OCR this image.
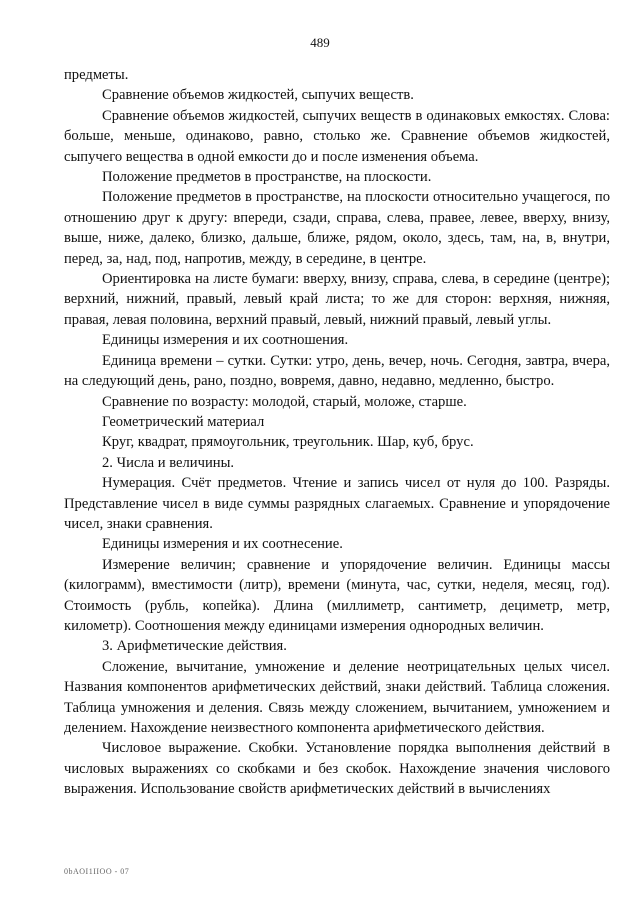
489

предметы.

Сравнение объемов жидкостей, сыпучих веществ.

Сравнение объемов жидкостей, сыпучих веществ в одинаковых емкостях. Слова: больше, меньше, одинаково, равно, столько же. Сравнение объемов жидкостей, сыпучего вещества в одной емкости до и после изменения объема.

Положение предметов в пространстве, на плоскости.

Положение предметов в пространстве, на плоскости относительно учащегося, по отношению друг к другу: впереди, сзади, справа, слева, правее, левее, вверху, внизу, выше, ниже, далеко, близко, дальше, ближе, рядом, около, здесь, там, на, в, внутри, перед, за, над, под, напротив, между, в середине, в центре.

Ориентировка на листе бумаги: вверху, внизу, справа, слева, в середине (центре); верхний, нижний, правый, левый край листа; то же для сторон: верхняя, нижняя, правая, левая половина, верхний правый, левый, нижний правый, левый углы.

Единицы измерения и их соотношения.

Единица времени – сутки. Сутки: утро, день, вечер, ночь. Сегодня, завтра, вчера, на следующий день, рано, поздно, вовремя, давно, недавно, медленно, быстро.

Сравнение по возрасту: молодой, старый, моложе, старше.

Геометрический материал

Круг, квадрат, прямоугольник, треугольник. Шар, куб, брус.

2. Числа и величины.

Нумерация. Счёт предметов. Чтение и запись чисел от нуля до 100. Разряды. Представление чисел в виде суммы разрядных слагаемых. Сравнение и упорядочение чисел, знаки сравнения.

Единицы измерения и их соотнесение.

Измерение величин; сравнение и упорядочение величин. Единицы массы (килограмм), вместимости (литр), времени (минута, час, сутки, неделя, месяц, год). Стоимость (рубль, копейка). Длина (миллиметр, сантиметр, дециметр, метр, километр). Соотношения между единицами измерения однородных величин.

3. Арифметические действия.

Сложение, вычитание, умножение и деление неотрицательных целых чисел. Названия компонентов арифметических действий, знаки действий. Таблица сложения. Таблица умножения и деления. Связь между сложением, вычитанием, умножением и делением. Нахождение неизвестного компонента арифметического действия.

Числовое выражение. Скобки. Установление порядка выполнения действий в числовых выражениях со скобками и без скобок. Нахождение значения числового выражения. Использование свойств арифметических действий в вычислениях

0bAOI1IIOO - 07
